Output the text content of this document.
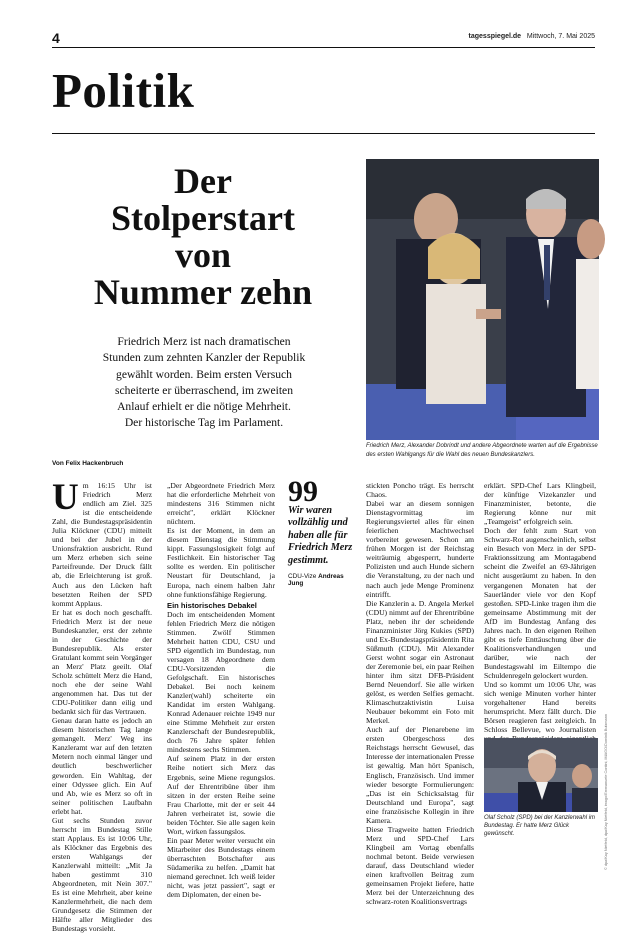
4	tagesspiegel.de Mittwoch, 7. Mai 2025
Politik
Der
Stolperstart
von
Nummer zehn
Friedrich Merz ist nach dramatischen
Stunden zum zehnten Kanzler der Republik
gewählt worden. Beim ersten Versuch
scheiterte er überraschend, im zweiten
Anlauf erhielt er die nötige Mehrheit.
Der historische Tag im Parlament.
Von Felix Hackenbruch
Friedrich Merz, Alexander Dobrindt und andere Abgeordnete warten auf die Ergebnisse des ersten Wahlgangs für die Wahl des neuen Bundeskanzlers.
© dpa/Kay Nietfeld, dpa/Kay Nietfeld, imago/Emmanuele Contini, IMAGO/Dominik Butzmann

Um 16:15 Uhr ist Friedrich Merz endlich am Ziel. 325 ist die entscheidende Zahl, die Bundestagspräsidentin Julia Klöckner (CDU) mitteilt und bei der Jubel in der Unionsfraktion ausbricht. Rund um Merz erheben sich seine Parteifreunde. Der Druck fällt ab, die Erleichterung ist groß. Auch aus den Lücken haft besetzten Reihen der SPD kommt Applaus.

Er hat es doch noch geschafft. Friedrich Merz ist der neue Bundeskanzler, erst der zehnte in der Geschichte der Bundesrepublik. Als erster Gratulant kommt sein Vorgänger an Merz' Platz geeilt. Olaf Scholz schüttelt Merz die Hand, noch ehe der seine Wahl angenommen hat. Das tut der CDU-Politiker dann eilig und bedankt sich für das Vertrauen.

Genau daran hatte es jedoch an diesem historischen Tag lange gemangelt. Merz' Weg ins Kanzleramt war auf den letzten Metern noch einmal länger und deutlich beschwerlicher geworden. Ein Wahltag, der einer Odyssee glich. Ein Auf und Ab, wie es Merz so oft in seiner politischen Laufbahn erlebt hat.

Gut sechs Stunden zuvor herrscht im Bundestag Stille statt Applaus. Es ist 10:06 Uhr, als Klöckner das Ergebnis des ersten Wahlgangs der Kanzlerwahl mitteilt: „Mit Ja haben gestimmt 310 Abgeordneten, mit Nein 307." Es ist eine Mehrheit, aber keine Kanzlermehrheit, die nach dem Grundgesetz die Stimmen der Hälfte aller Mitglieder des Bundestags vorsieht.

„Der Abgeordnete Friedrich Merz hat die erforderliche Mehrheit von mindestens 316 Stimmen nicht erreicht", erklärt Klöckner nüchtern.

Es ist der Moment, in dem an diesem Dienstag die Stimmung kippt. Fassungslosigkeit folgt auf Festlichkeit. Ein historischer Tag sollte es werden. Ein politischer Neustart für Deutschland, ja Europa, nach einem halben Jahr ohne funktionsfähige Regierung.

Ein historisches Debakel

Doch im entscheidenden Moment fehlen Friedrich Merz die nötigen Stimmen. Zwölf Stimmen Mehrheit hatten CDU, CSU und SPD eigentlich im Bundestag, nun versagen 18 Abgeordnete dem CDU-Vorsitzenden die Gefolgschaft. Ein historisches Debakel. Bei noch keinem Kanzler(wahl) scheiterte ein Kandidat im ersten Wahlgang. Konrad Adenauer reichte 1949 nur eine Stimme Mehrheit zur ersten Kanzlerschaft der Bundesrepublik, doch 76 Jahre später fehlen mindestens sechs Stimmen.

Auf seinem Platz in der ersten Reihe notiert sich Merz das Ergebnis, seine Miene regungslos. Auf der Ehrentribüne über ihm sitzen in der ersten Reihe seine Frau Charlotte, mit der er seit 44 Jahren verheiratet ist, sowie die beiden Töchter. Sie alle sagen kein Wort, wirken fassungslos.

Ein paar Meter weiter versucht ein Mitarbeiter des Bundestags einem überraschten Botschafter aus Südamerika zu helfen. „Damit hat niemand gerechnet. Ich weiß leider nicht, was jetzt passiert", sagt er dem Diplomaten, der einen be-

99
Wir waren
vollzählig und
haben alle für
Friedrich Merz
gestimmt.
CDU-Vize Andreas Jung

stickten Poncho trägt. Es herrscht Chaos.

Dabei war an diesem sonnigen Dienstagvormittag im Regierungsviertel alles für einen feierlichen Machtwechsel vorbereitet gewesen. Schon am frühen Morgen ist der Reichstag weiträumig abgesperrt, hunderte Polizisten und auch Hunde sichern die Veranstaltung, zu der nach und nach auch jede Menge Prominenz eintrifft.

Die Kanzlerin a. D. Angela Merkel (CDU) nimmt auf der Ehrentribüne Platz, neben ihr der scheidende Finanzminister Jörg Kukies (SPD) und Ex-Bundestagspräsidentin Rita Süßmuth (CDU). Mit Alexander Gerst wohnt sogar ein Astronaut der Zeremonie bei, ein paar Reihen hinter ihm sitzt DFB-Präsident Bernd Neuendorf. Sie alle wirken gelöst, es werden Selfies gemacht. Klimaschutzaktivistin Luisa Neubauer bekommt ein Foto mit Merkel.

Auch auf der Plenarebene im ersten Obergeschoss des Reichstags herrscht Gewusel, das Interesse der internationalen Presse ist gewaltig. Man hört Spanisch, Englisch, Französisch. Und immer wieder besorgte Formulierungen: „Das ist ein Schicksalstag für Deutschland und Europa", sagt eine französische Kollegin in ihre Kamera.

Diese Tragweite hatten Friedrich Merz und SPD-Chef Lars Klingbeil am Vortag ebenfalls nochmal betont. Beide verwiesen darauf, dass Deutschland wieder einen kraftvollen Beitrag zum gemeinsamen Projekt liefere, hatte Merz bei der Unterzeichnung des schwarz-roten Koalitionsvertrags

erklärt. SPD-Chef Lars Klingbeil, der künftige Vizekanzler und Finanzminister, betonte, die Regierung könne nur mit „Teamgeist" erfolgreich sein.

Doch der fehlt zum Start von Schwarz-Rot augenscheinlich, selbst ein Besuch von Merz in der SPD-Fraktionssitzung am Montagabend scheint die Zweifel an 69-Jährigen nicht ausgeräumt zu haben. In den vergangenen Monaten hat der Sauerländer viele vor den Kopf gestoßen. SPD-Linke tragen ihm die gemeinsame Abstimmung mit der AfD im Bundestag Anfang des Jahres nach. In den eigenen Reihen gibt es tiefe Enttäuschung über die Koalitionsverhandlungen und darüber, wie nach der Bundestagswahl im Eiltempo die Schuldenregeln gelockert wurden.

Und so kommt um 10:06 Uhr, was sich wenige Minuten vorher hinter vorgehaltener Hand bereits herumspricht. Merz fällt durch. Die Börsen reagieren fast zeitgleich. In Schloss Bellevue, wo Journalisten

Olaf Scholz (SPD) bei der Kanzlerwahl im Bundestag. Er hatte Merz Glück gewünscht.
